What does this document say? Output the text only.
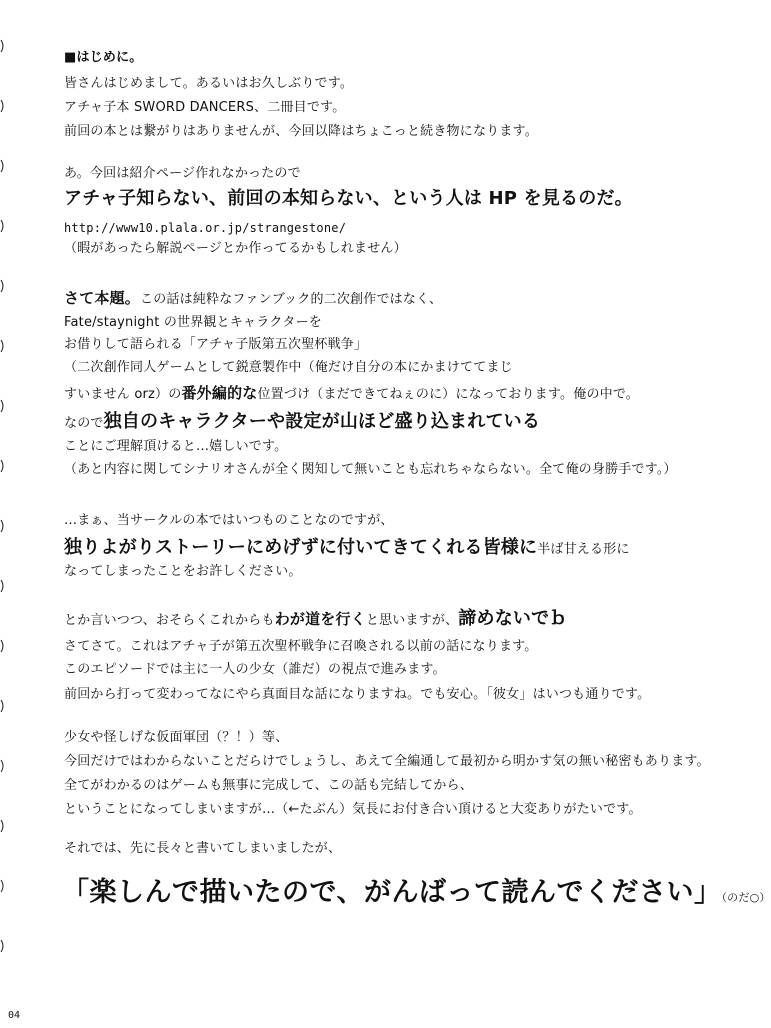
■はじめに。
皆さんはじめまして。あるいはお久しぶりです。
アチャ子本 SWORD DANCERS、二冊目です。
前回の本とは繋がりはありませんが、今回以降はちょこっと続き物になります。
あ。今回は紹介ページ作れなかったので
アチャ子知らない、前回の本知らない、という人は HP を見るのだ。
http://www10.plala.or.jp/strangestone/
（暇があったら解説ページとか作ってるかもしれません）
さて本題。この話は純粋なファンブック的二次創作ではなく、
Fate/staynight の世界観とキャラクターを
お借りして語られる「アチャ子版第五次聖杯戦争」
（二次創作同人ゲームとして鋭意製作中（俺だけ自分の本にかまけててまじ
すいません orz）の番外編的な位置づけ（まだできてねぇのに）になっております。俺の中で。
なので独自のキャラクターや設定が山ほど盛り込まれている
ことにご理解頂けると…嬉しいです。
（あと内容に関してシナリオさんが全く関知して無いことも忘れちゃならない。全て俺の身勝手です。）
…まぁ、当サークルの本ではいつものことなのですが、
独りよがりストーリーにめげずに付いてきてくれる皆様に半ば甘える形に
なってしまったことをお許しください。
とか言いつつ、おそらくこれからもわが道を行くと思いますが、諦めないでｂ
さてさて。これはアチャ子が第五次聖杯戦争に召喚される以前の話になります。
このエピソードでは主に一人の少女（誰だ）の視点で進みます。
前回から打って変わってなにやら真面目な話になりますね。でも安心。「彼女」はいつも通りです。
少女や怪しげな仮面軍団（？！）等、
今回だけではわからないことだらけでしょうし、あえて全編通して最初から明かす気の無い秘密もあります。
全てがわかるのはゲームも無事に完成して、この話も完結してから、
ということになってしまいますが…（←たぶん）気長にお付き合い頂けると大変ありがたいです。
それでは、先に長々と書いてしまいましたが、
「楽しんで描いたので、がんばって読んでください」（のだ○）
04
